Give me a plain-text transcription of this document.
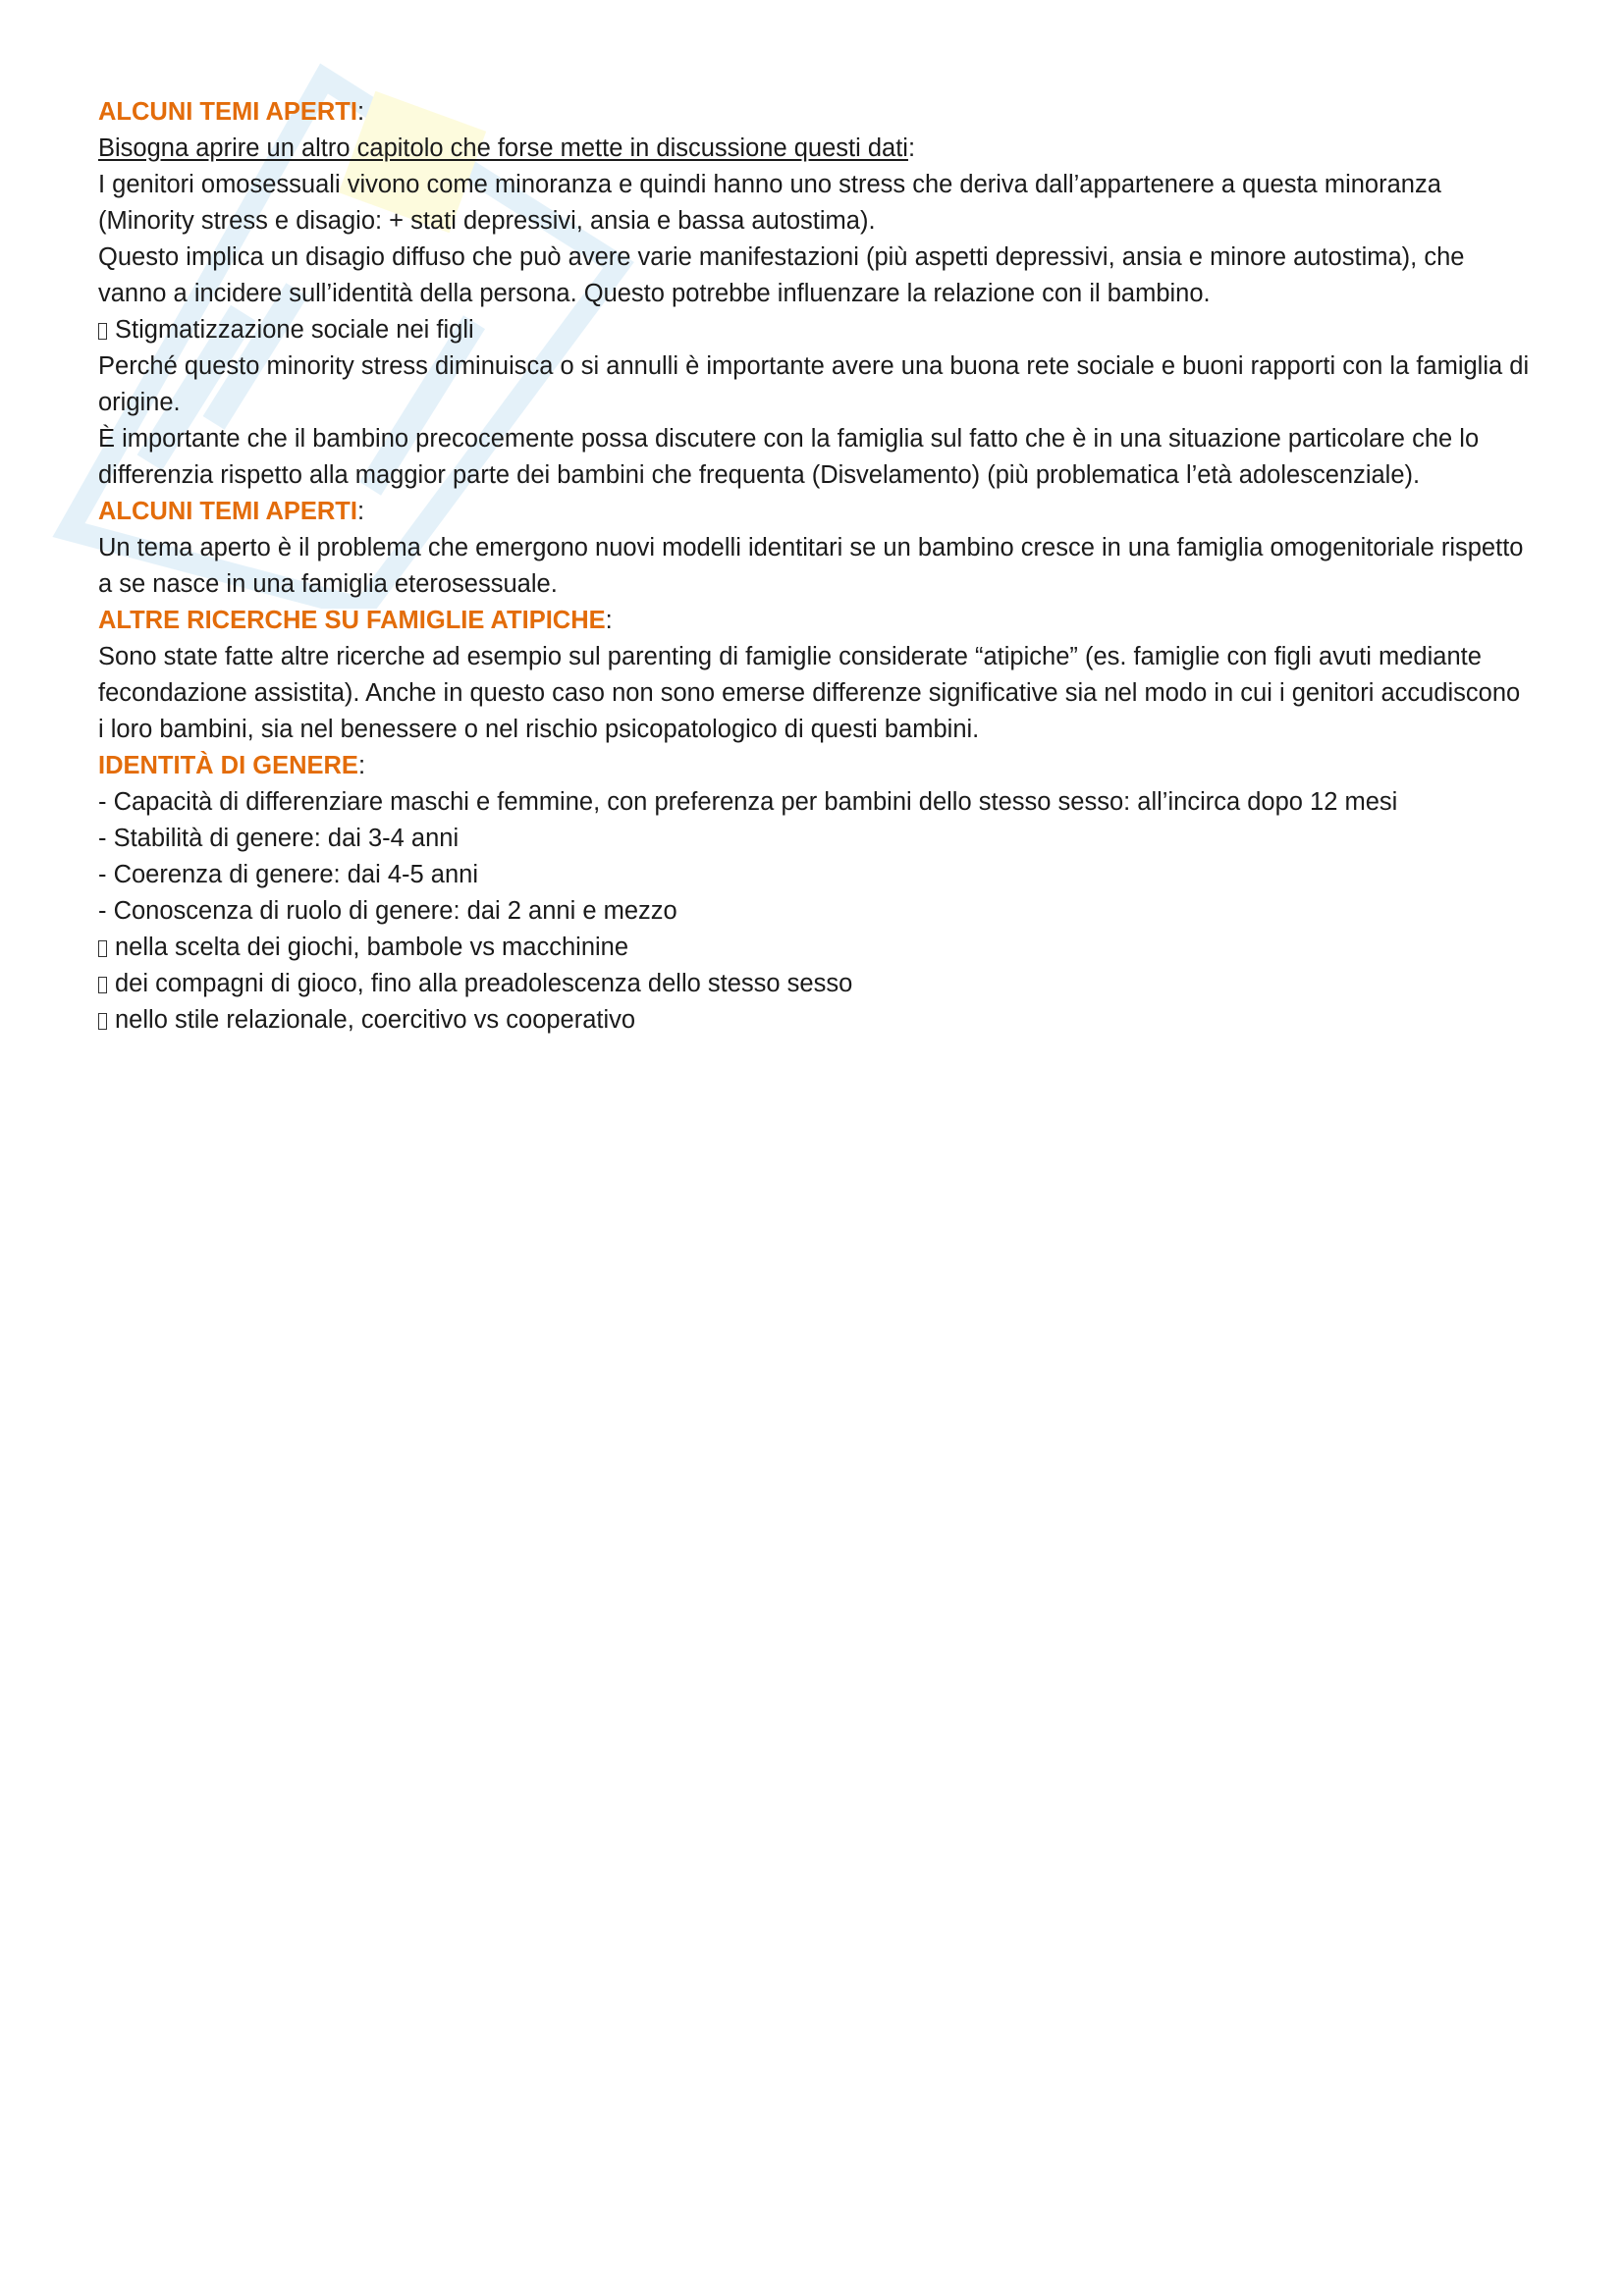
ALCUNI TEMI APERTI:

Bisogna aprire un altro capitolo che forse mette in discussione questi dati:

I genitori omosessuali vivono come minoranza e quindi hanno uno stress che deriva dall’appartenere a questa minoranza (Minority stress e disagio: + stati depressivi, ansia e bassa autostima).

Questo implica un disagio diffuso che può avere varie manifestazioni (più aspetti depressivi, ansia e minore autostima), che vanno a incidere sull’identità della persona. Questo potrebbe influenzare la relazione con il bambino.

Stigmatizzazione sociale nei figli

Perché questo minority stress diminuisca o si annulli è importante avere una buona rete sociale e buoni rapporti con la famiglia di origine.

È importante che il bambino precocemente possa discutere con la famiglia sul fatto che è in una situazione particolare che lo differenzia rispetto alla maggior parte dei bambini che frequenta (Disvelamento) (più problematica l’età adolescenziale).

ALCUNI TEMI APERTI:

Un tema aperto è il problema che emergono nuovi modelli identitari se un bambino cresce in una famiglia omogenitoriale rispetto a se nasce in una famiglia eterosessuale.

ALTRE RICERCHE SU FAMIGLIE ATIPICHE:

Sono state fatte altre ricerche ad esempio sul parenting di famiglie considerate “atipiche” (es. famiglie con figli avuti mediante fecondazione assistita). Anche in questo caso non sono emerse differenze significative sia nel modo in cui i genitori accudiscono i loro bambini, sia nel benessere o nel rischio psicopatologico di questi bambini.

IDENTITÀ DI GENERE:

- Capacità di differenziare maschi e femmine, con preferenza per bambini dello stesso sesso: all’incirca dopo 12 mesi

- Stabilità di genere: dai 3-4 anni

- Coerenza di genere: dai 4-5 anni

- Conoscenza di ruolo di genere: dai 2 anni e mezzo

nella scelta dei giochi, bambole vs macchinine

dei compagni di gioco, fino alla preadolescenza dello stesso sesso

nello stile relazionale, coercitivo vs cooperativo
